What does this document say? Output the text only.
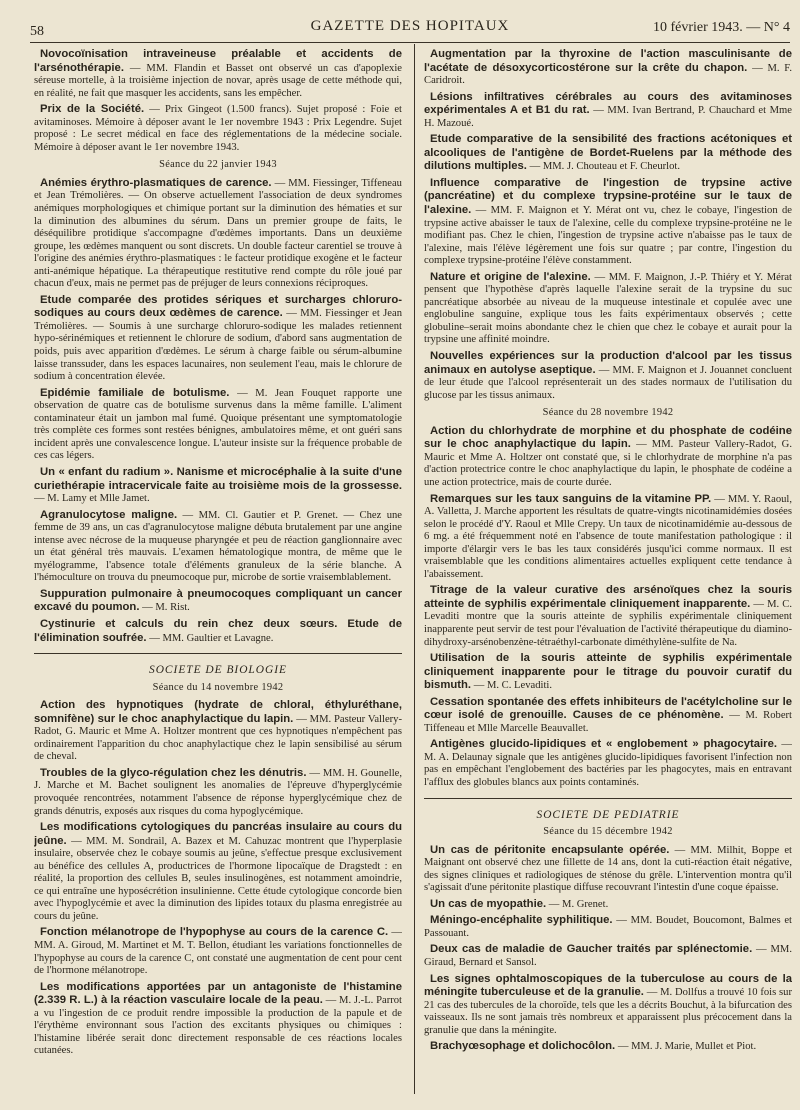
58	GAZETTE DES HOPITAUX	10 février 1943. — N° 4

Novocoïnisation intraveineuse préalable et accidents de l'arsénothérapie. — MM. Flandin et Basset ont observé un cas d'apoplexie séreuse mortelle, à la troisième injection de novar, après usage de cette méthode qui, en réalité, ne fait que masquer les accidents, sans les empêcher.

Prix de la Société. — Prix Gingeot (1.500 francs). Sujet proposé : Foie et avitaminoses. Mémoire à déposer avant le 1er novembre 1943 : Prix Legendre. Sujet proposé : Le secret médical en face des réglementations de la médecine sociale. Mémoire à déposer avant le 1er novembre 1943.

Séance du 22 janvier 1943

Anémies érythro-plasmatiques de carence. — MM. Fiessinger, Tiffeneau et Jean Trémolières. — On observe actuellement l'association de deux syndromes anémiques morphologiques et chimique portant sur la diminution des hématies et sur la diminution des albumines du sérum. Dans un premier groupe de faits, le déséquilibre protidique s'accompagne d'œdèmes importants. Dans un deuxième groupe, les œdèmes manquent ou sont discrets. Un double facteur carentiel se trouve à l'origine des anémies érythro-plasmatiques : le facteur protidique exogène et le facteur anti-anémique hépatique. La thérapeutique restitutive rend compte du rôle joué par chacun d'eux, mais ne permet pas de préjuger de leurs connexions réciproques.

Etude comparée des protides sériques et surcharges chloruro-sodiques au cours deux œdèmes de carence. — MM. Fiessinger et Jean Trémolières. — Soumis à une surcharge chloruro-sodique les malades retiennent hypo-sérinémiques et retiennent le chlorure de sodium, d'abord sans augmentation de poids, puis avec apparition d'œdèmes. Le sérum à charge faible ou sérum-albumine laisse transsuder, dans les espaces lacunaires, non seulement l'eau, mais le chlorure de sodium à concentration élevée.

Epidémie familiale de botulisme. — M. Jean Fouquet rapporte une observation de quatre cas de botulisme survenus dans la même famille. L'aliment contaminateur était un jambon mal fumé. Quoique présentant une symptomatologie très complète ces formes sont restées bénignes, ambulatoires même, et ont guéri sans incident après une convalescence longue. L'auteur insiste sur la fréquence probable de ces cas légers.

Un « enfant du radium ». Nanisme et microcéphalie à la suite d'une curiethérapie intracervicale faite au troisième mois de la grossesse. — M. Lamy et Mlle Jamet.

Agranulocytose maligne. — MM. Cl. Gautier et P. Grenet. — Chez une femme de 39 ans, un cas d'agranulocytose maligne débuta brutalement par une angine intense avec nécrose de la muqueuse pharyngée et peu de réaction ganglionnaire avec un état général très mauvais. L'examen hématologique montra, de même que le myélogramme, l'absence totale d'éléments granuleux de la série blanche. A l'hémoculture on trouva du pneumocoque pur, microbe de sortie vraisemblablement.

Suppuration pulmonaire à pneumocoques compliquant un cancer excavé du poumon. — M. Rist.

Cystinurie et calculs du rein chez deux sœurs. Etude de l'élimination soufrée. — MM. Gaultier et Lavagne.

SOCIETE DE BIOLOGIE
Séance du 14 novembre 1942

Action des hypnotiques (hydrate de chloral, éthyluréthane, somnifène) sur le choc anaphylactique du lapin. — MM. Pasteur Vallery-Radot, G. Mauric et Mme A. Holtzer montrent que ces hypnotiques n'empêchent pas ordinairement l'apparition du choc anaphylactique chez le lapin sensibilisé au sérum de cheval.

Troubles de la glyco-régulation chez les dénutris. — MM. H. Gounelle, J. Marche et M. Bachet soulignent les anomalies de l'épreuve d'hyperglycémie provoquée rencontrées, notamment l'absence de réponse hyperglycémique chez de grands dénutris, exposés aux risques du coma hypoglycémique.

Les modifications cytologiques du pancréas insulaire au cours du jeûne. — MM. M. Sondrail, A. Bazex et M. Cahuzac montrent que l'hyperplasie insulaire, observée chez le cobaye soumis au jeûne, s'effectue presque exclusivement au bénéfice des cellules A, productrices de l'hormone lipocaïque de Dragstedt : en réalité, la proportion des cellules B, seules insulinogènes, est notamment amoindrie, ce qui entraîne une hyposécrétion insulinienne. Cette étude cytologique concorde bien avec l'hypoglycémie et avec la diminution des lipides totaux du plasma enregistrée au cours du jeûne.

Fonction mélanotrope de l'hypophyse au cours de la carence C. — MM. A. Giroud, M. Martinet et M. T. Bellon, étudiant les variations fonctionnelles de l'hypophyse au cours de la carence C, ont constaté une augmentation de cent pour cent de l'hormone mélanotrope.

Les modifications apportées par un antagoniste de l'histamine (2.339 R. L.) à la réaction vasculaire locale de la peau. — M. J.-L. Parrot a vu l'ingestion de ce produit rendre impossible la production de la papule et de l'érythème environnant sous l'action des excitants physiques ou chimiques : l'histamine libérée serait donc directement responsable de ces réactions locales cutanées.

Augmentation par la thyroxine de l'action masculinisante de l'acétate de désoxycorticostérone sur la crête du chapon. — M. F. Caridroit.

Lésions infiltratives cérébrales au cours des avitaminoses expérimentales A et B1 du rat. — MM. Ivan Bertrand, P. Chauchard et Mme H. Mazoué.

Etude comparative de la sensibilité des fractions acétoniques et alcooliques de l'antigène de Bordet-Ruelens par la méthode des dilutions multiples. — MM. J. Chouteau et F. Cheurlot.

Influence comparative de l'ingestion de trypsine active (pancréatine) et du complexe trypsine-protéine sur le taux de l'alexine. — MM. F. Maignon et Y. Mérat ont vu, chez le cobaye, l'ingestion de trypsine active abaisser le taux de l'alexine, celle du complexe trypsine-protéine ne le modifiant pas. Chez le chien, l'ingestion de trypsine active n'abaisse pas le taux de l'alexine, mais l'élève légèrement une fois sur quatre ; par contre, l'ingestion du complexe trypsine-protéine l'élève constamment.

Nature et origine de l'alexine. — MM. F. Maignon, J.-P. Thiéry et Y. Mérat pensent que l'hypothèse d'après laquelle l'alexine serait de la trypsine du suc pancréatique absorbée au niveau de la muqueuse intestinale et copulée avec une englobuline sanguine, explique tous les faits expérimentaux observés ; cette globuline–serait moins abondante chez le chien que chez le cobaye et aurait pour la trypsine une affinité moindre.

Nouvelles expériences sur la production d'alcool par les tissus animaux en autolyse aseptique. — MM. F. Maignon et J. Jouannet concluent de leur étude que l'alcool représenterait un des stades normaux de l'utilisation du glucose par les tissus animaux.

Séance du 28 novembre 1942

Action du chlorhydrate de morphine et du phosphate de codéine sur le choc anaphylactique du lapin. — MM. Pasteur Vallery-Radot, G. Mauric et Mme A. Holtzer ont constaté que, si le chlorhydrate de morphine n'a pas d'action protectrice contre le choc anaphylactique du lapin, le phosphate de codéine a une action protectrice, mais de courte durée.

Remarques sur les taux sanguins de la vitamine PP. — MM. Y. Raoul, A. Valletta, J. Marche apportent les résultats de quatre-vingts nicotinamidémies dosées selon le procédé d'Y. Raoul et Mlle Crepy. Un taux de nicotinamidémie au-dessous de 6 mg. a été fréquemment noté en l'absence de toute manifestation pathologique : il importe d'élargir vers le bas les taux considérés jusqu'ici comme normaux. Il est vraisemblable que les conditions alimentaires actuelles expliquent cette tendance à l'abaissement.

Titrage de la valeur curative des arsénoïques chez la souris atteinte de syphilis expérimentale cliniquement inapparente. — M. C. Levaditi montre que la souris atteinte de syphilis expérimentale cliniquement inapparente peut servir de test pour l'évaluation de l'activité thérapeutique du diamino-dihydroxy-arsénobenzène-tétraéthyl-carbonate diméthylène-sulfite de Na.

Utilisation de la souris atteinte de syphilis expérimentale cliniquement inapparente pour le titrage du pouvoir curatif du bismuth. — M. C. Levaditi.

Cessation spontanée des effets inhibiteurs de l'acétylcholine sur le cœur isolé de grenouille. Causes de ce phénomène. — M. Robert Tiffeneau et Mlle Marcelle Beauvallet.

Antigènes glucido-lipidiques et « englobement » phagocytaire. — M. A. Delaunay signale que les antigènes glucido-lipidiques favorisent l'infection non pas en empêchant l'englobement des bactéries par les phagocytes, mais en entravant l'afflux des globules blancs aux points contaminés.

SOCIETE DE PEDIATRIE
Séance du 15 décembre 1942

Un cas de péritonite encapsulante opérée. — MM. Milhit, Boppe et Maignant ont observé chez une fillette de 14 ans, dont la cuti-réaction était négative, des signes cliniques et radiologiques de sténose du grêle. L'intervention montra qu'il s'agissait d'une péritonite plastique diffuse recouvrant l'intestin d'une coque épaisse.

Un cas de myopathie. — M. Grenet.

Méningo-encéphalite syphilitique. — MM. Boudet, Boucomont, Balmes et Passouant.

Deux cas de maladie de Gaucher traités par splénectomie. — MM. Giraud, Bernard et Sansol.

Les signes ophtalmoscopiques de la tuberculose au cours de la méningite tuberculeuse et de la granulie. — M. Dollfus a trouvé 10 fois sur 21 cas des tubercules de la choroïde, tels que les a décrits Bouchut, à la bifurcation des vaisseaux. Ils ne sont jamais très nombreux et apparaissent plus précocement dans la granulie que dans la méningite.

Brachyœsophage et dolichocôlon. — MM. J. Marie, Mullet et Piot.
